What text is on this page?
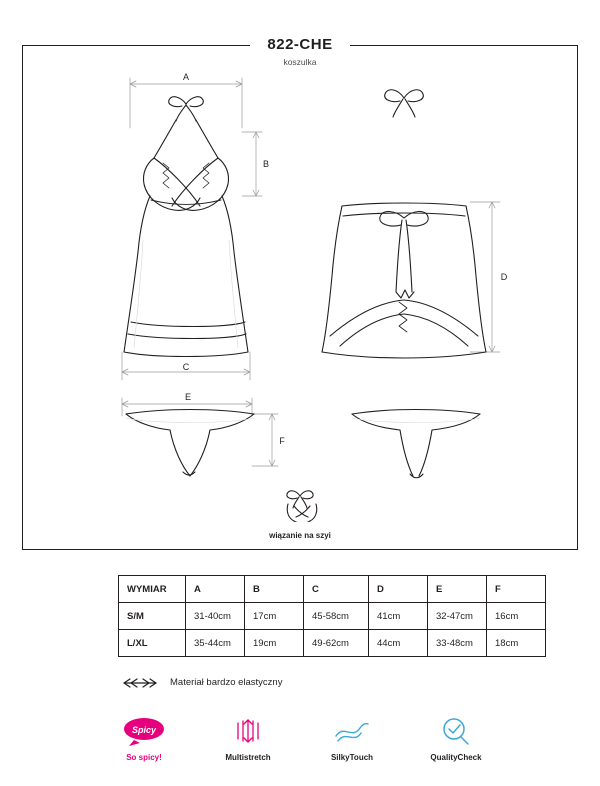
822-CHE
koszulka
A
B
C
D
E
F
wiązanie na szyi
WYMIAR	A	B	C	D	E	F
S/M	31-40cm	17cm	45-58cm	41cm	32-47cm	16cm
L/XL	35-44cm	19cm	49-62cm	44cm	33-48cm	18cm
Materiał bardzo elastyczny
Spicy
So spicy!	Multistretch	SilkyTouch	QualityCheck
